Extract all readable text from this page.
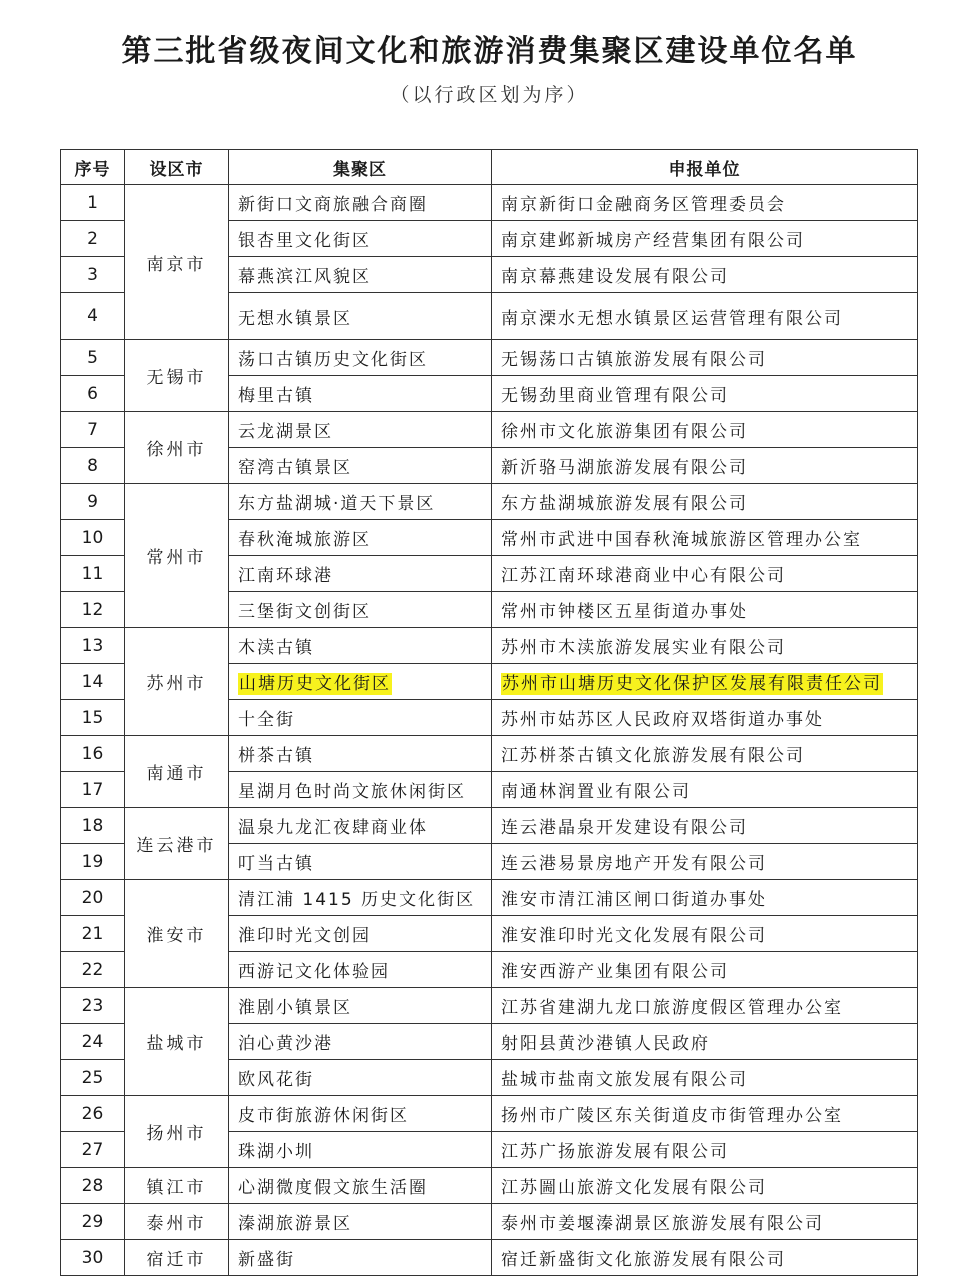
第三批省级夜间文化和旅游消费集聚区建设单位名单
（以行政区划为序）
序号	设区市	集聚区	申报单位
1	南京市	新街口文商旅融合商圈	南京新街口金融商务区管理委员会
2		银杏里文化街区	南京建邺新城房产经营集团有限公司
3		幕燕滨江风貌区	南京幕燕建设发展有限公司
4		无想水镇景区	南京溧水无想水镇景区运营管理有限公司
5	无锡市	荡口古镇历史文化街区	无锡荡口古镇旅游发展有限公司
6		梅里古镇	无锡劲里商业管理有限公司
7	徐州市	云龙湖景区	徐州市文化旅游集团有限公司
8		窑湾古镇景区	新沂骆马湖旅游发展有限公司
9	常州市	东方盐湖城·道天下景区	东方盐湖城旅游发展有限公司
10		春秋淹城旅游区	常州市武进中国春秋淹城旅游区管理办公室
11		江南环球港	江苏江南环球港商业中心有限公司
12		三堡街文创街区	常州市钟楼区五星街道办事处
13	苏州市	木渎古镇	苏州市木渎旅游发展实业有限公司
14		山塘历史文化街区	苏州市山塘历史文化保护区发展有限责任公司
15		十全街	苏州市姑苏区人民政府双塔街道办事处
16	南通市	栟茶古镇	江苏栟茶古镇文化旅游发展有限公司
17		星湖月色时尚文旅休闲街区	南通林润置业有限公司
18	连云港市	温泉九龙汇夜肆商业体	连云港晶泉开发建设有限公司
19		叮当古镇	连云港易景房地产开发有限公司
20	淮安市	清江浦 1415 历史文化街区	淮安市清江浦区闸口街道办事处
21		淮印时光文创园	淮安淮印时光文化发展有限公司
22		西游记文化体验园	淮安西游产业集团有限公司
23	盐城市	淮剧小镇景区	江苏省建湖九龙口旅游度假区管理办公室
24		泊心黄沙港	射阳县黄沙港镇人民政府
25		欧风花街	盐城市盐南文旅发展有限公司
26	扬州市	皮市街旅游休闲街区	扬州市广陵区东关街道皮市街管理办公室
27		珠湖小圳	江苏广扬旅游发展有限公司
28	镇江市	心湖微度假文旅生活圈	江苏圌山旅游文化发展有限公司
29	泰州市	溱湖旅游景区	泰州市姜堰溱湖景区旅游发展有限公司
30	宿迁市	新盛街	宿迁新盛街文化旅游发展有限公司
